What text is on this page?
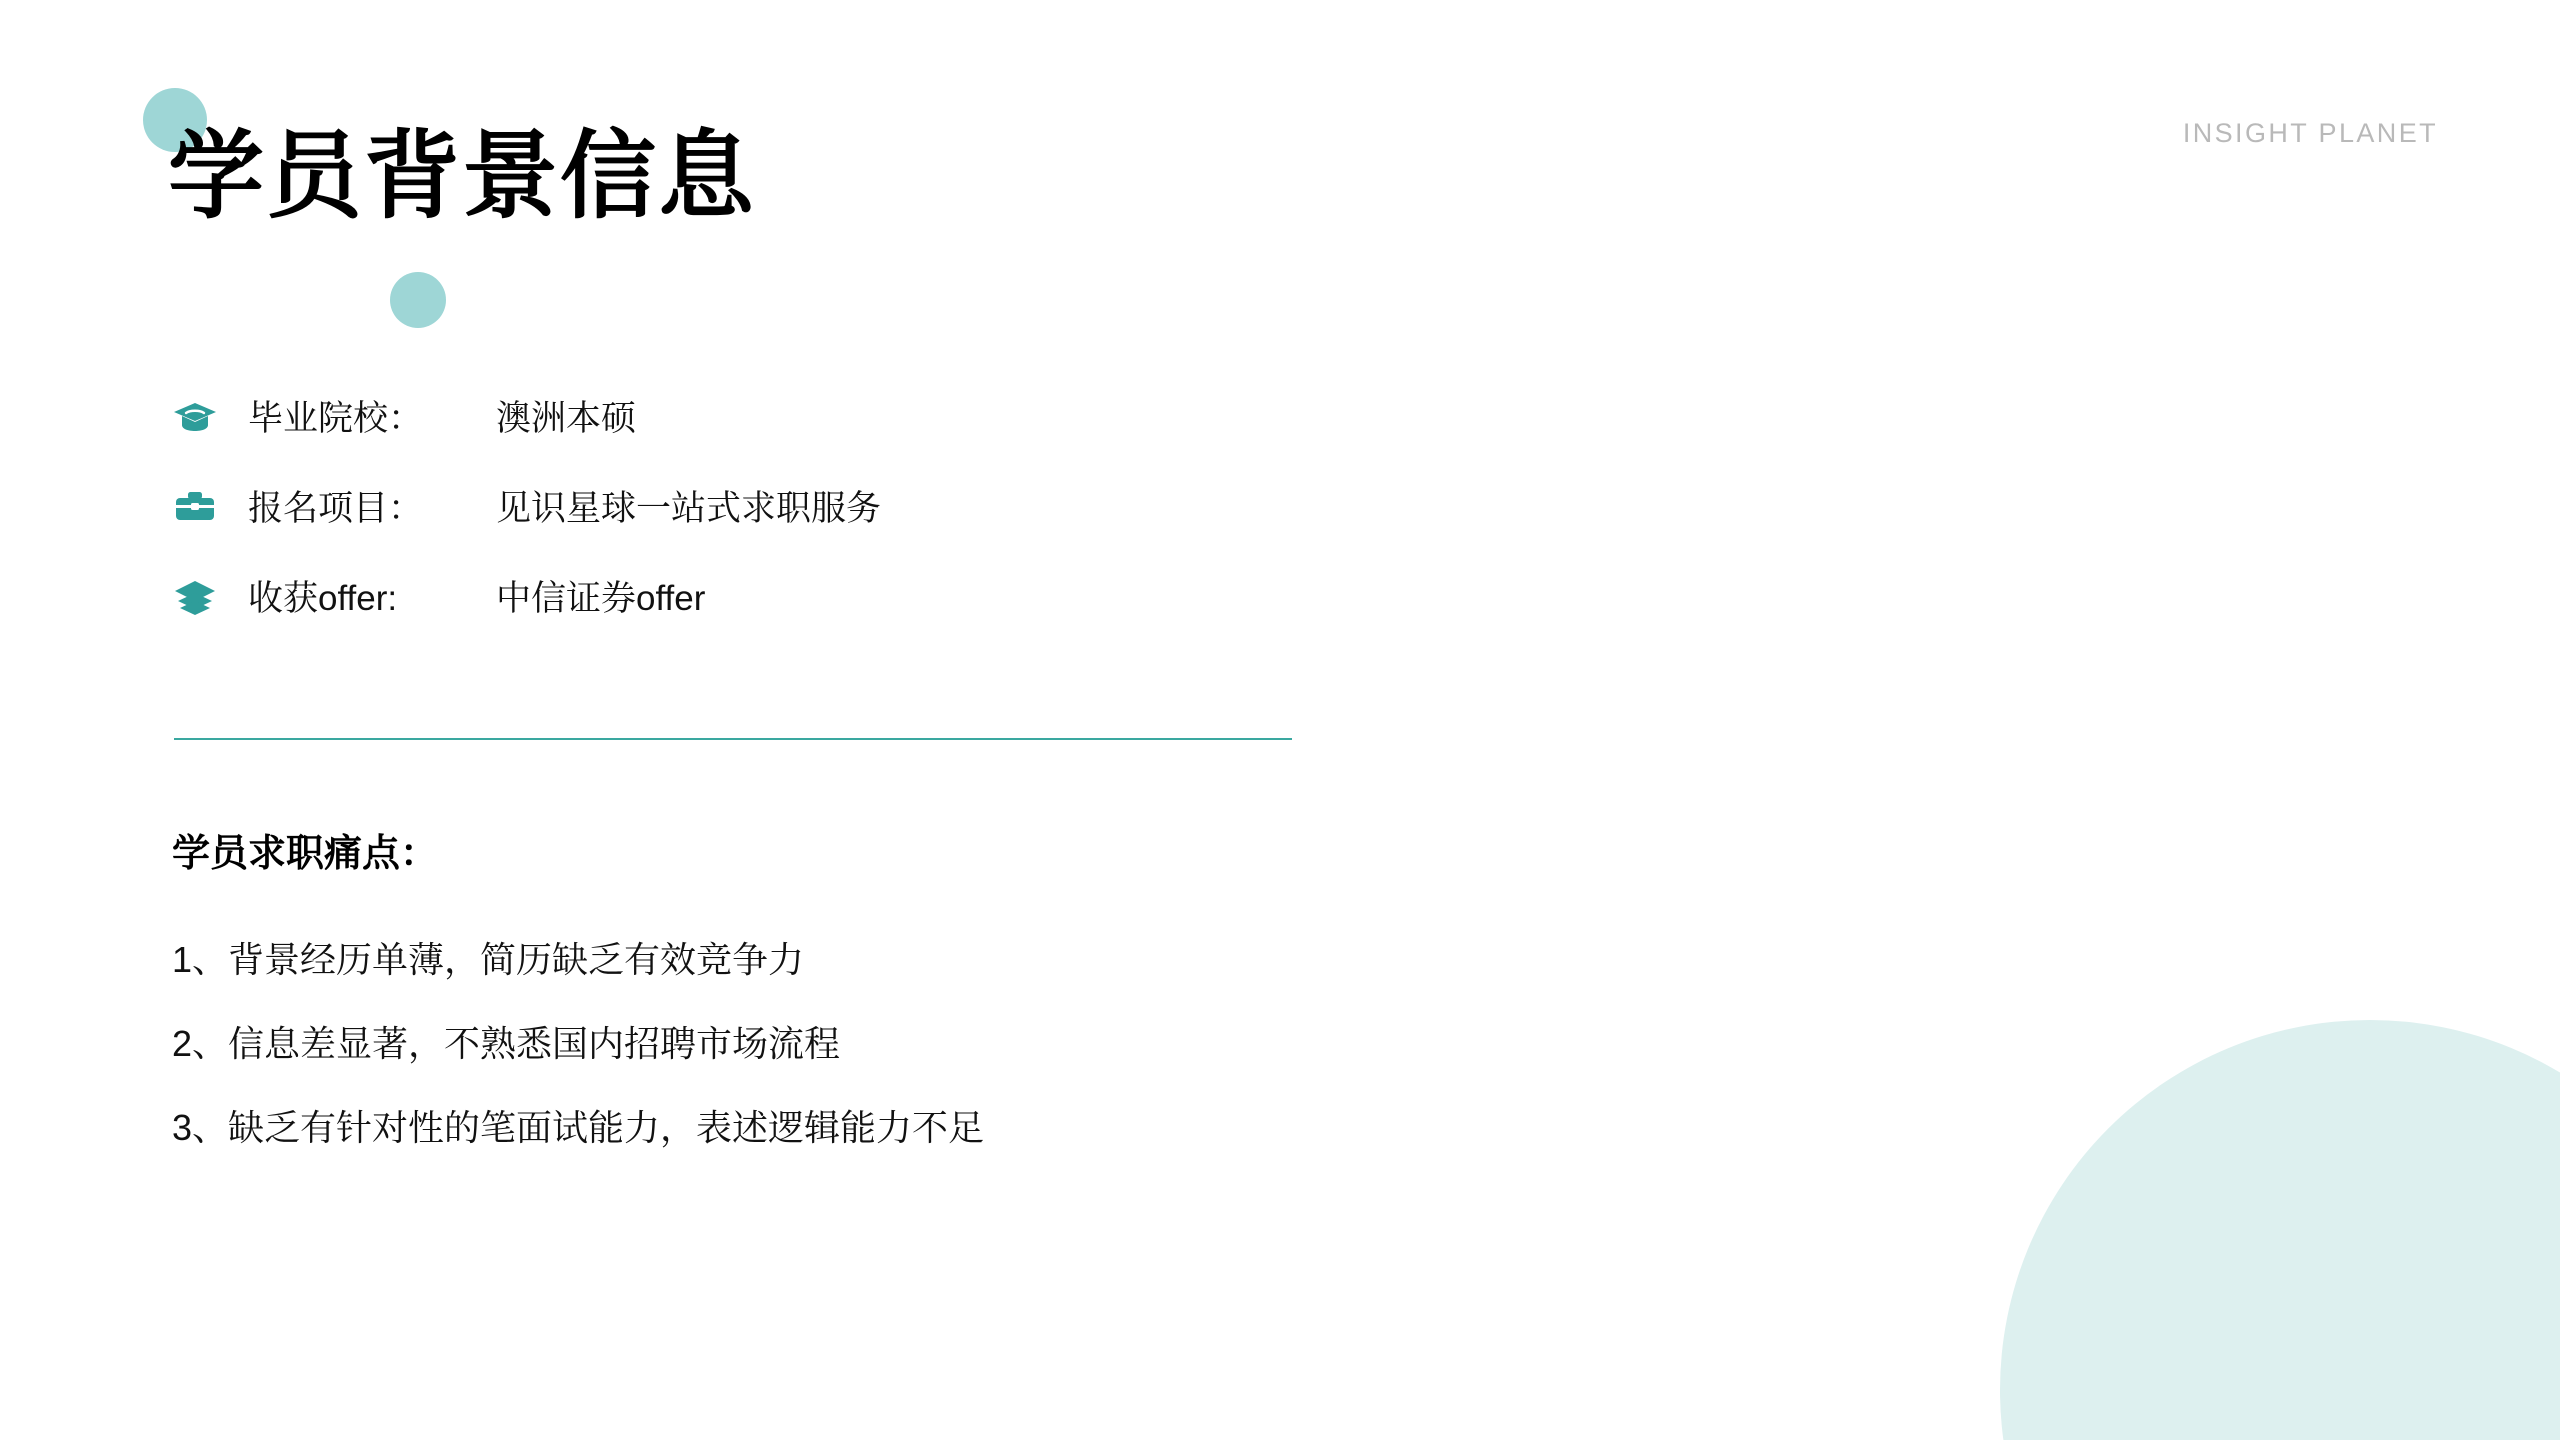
INSIGHT PLANET
学员背景信息
毕业院校：	澳洲本硕
报名项目：	见识星球一站式求职服务
收获offer:	中信证券offer
学员求职痛点：
1、背景经历单薄，简历缺乏有效竞争力
2、信息差显著，不熟悉国内招聘市场流程
3、缺乏有针对性的笔面试能力，表述逻辑能力不足
